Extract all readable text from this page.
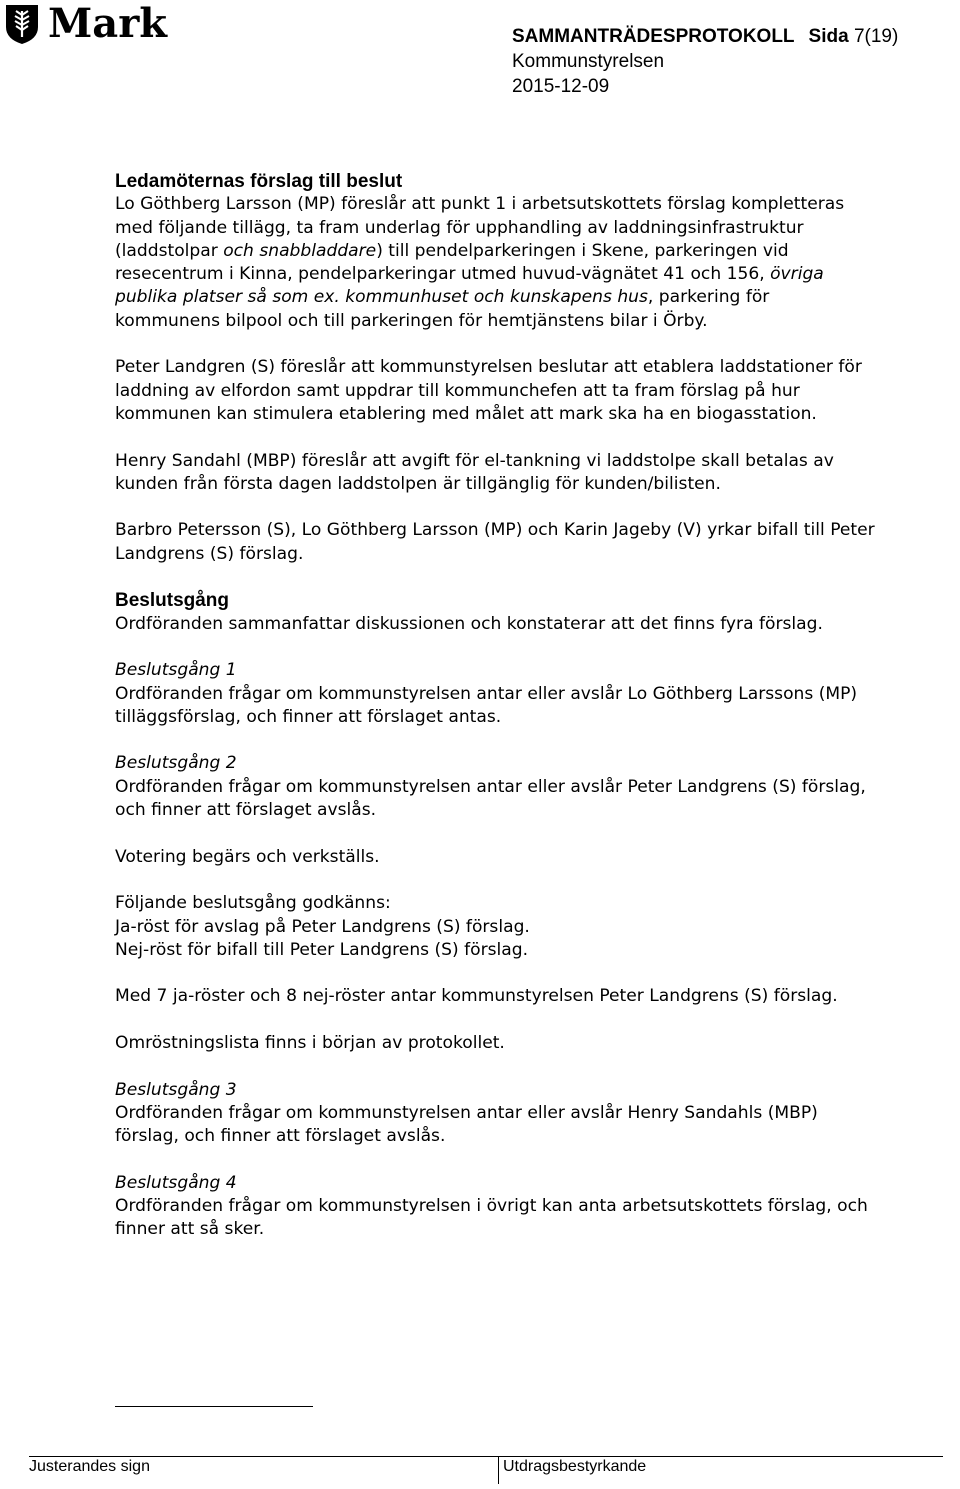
Mark	SAMMANTRÄDESPROTOKOLL Sida 7(19)
Kommunstyrelsen
2015-12-09

Ledamöternas förslag till beslut
Lo Göthberg Larsson (MP) föreslår att punkt 1 i arbetsutskottets förslag kompletteras med följande tillägg, ta fram underlag för upphandling av laddningsinfrastruktur (laddstolpar och snabbladdare) till pendelparkeringen i Skene, parkeringen vid resecentrum i Kinna, pendelparkeringar utmed huvud-vägnätet 41 och 156, övriga publika platser så som ex. kommunhuset och kunskapens hus, parkering för kommunens bilpool och till parkeringen för hemtjänstens bilar i Örby.

Peter Landgren (S) föreslår att kommunstyrelsen beslutar att etablera laddstationer för laddning av elfordon samt uppdrar till kommunchefen att ta fram förslag på hur kommunen kan stimulera etablering med målet att mark ska ha en biogasstation.

Henry Sandahl (MBP) föreslår att avgift för el-tankning vi laddstolpe skall betalas av kunden från första dagen laddstolpen är tillgänglig för kunden/bilisten.

Barbro Petersson (S), Lo Göthberg Larsson (MP) och Karin Jageby (V) yrkar bifall till Peter Landgrens (S) förslag.

Beslutsgång
Ordföranden sammanfattar diskussionen och konstaterar att det finns fyra förslag.

Beslutsgång 1
Ordföranden frågar om kommunstyrelsen antar eller avslår Lo Göthberg Larssons (MP) tilläggsförslag, och finner att förslaget antas.

Beslutsgång 2
Ordföranden frågar om kommunstyrelsen antar eller avslår Peter Landgrens (S) förslag, och finner att förslaget avslås.

Votering begärs och verkställs.

Följande beslutsgång godkänns:
Ja-röst för avslag på Peter Landgrens (S) förslag.
Nej-röst för bifall till Peter Landgrens (S) förslag.

Med 7 ja-röster och 8 nej-röster antar kommunstyrelsen Peter Landgrens (S) förslag.

Omröstningslista finns i början av protokollet.

Beslutsgång 3
Ordföranden frågar om kommunstyrelsen antar eller avslår Henry Sandahls (MBP) förslag, och finner att förslaget avslås.

Beslutsgång 4
Ordföranden frågar om kommunstyrelsen i övrigt kan anta arbetsutskottets förslag, och finner att så sker.

Justerandes sign	Utdragsbestyrkande
